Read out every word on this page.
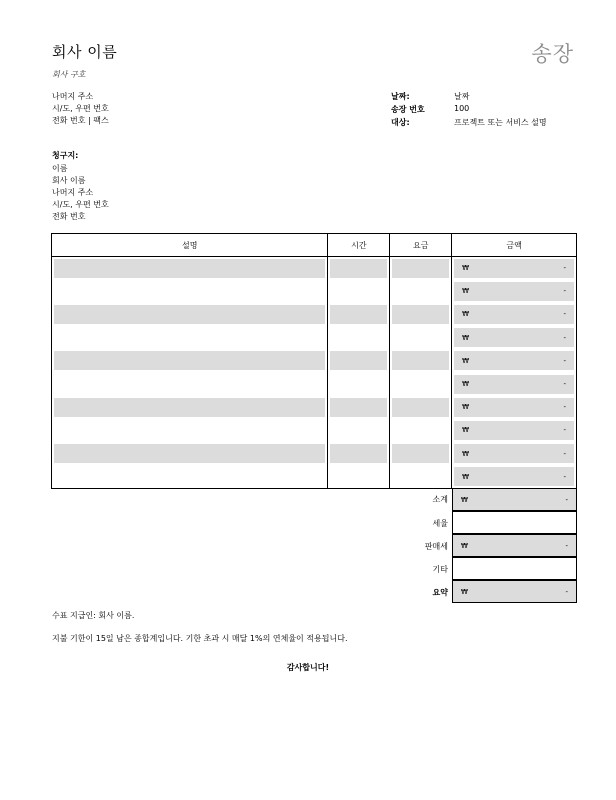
회사 이름
회사 구호
송장
나머지 주소
시/도, 우편 번호
전화 번호 | 팩스
날짜:	날짜
송장 번호	100
대상:	프로젝트 또는 서비스 설명
청구지:
이름
회사 이름
나머지 주소
시/도, 우편 번호
전화 번호
설명	시간	요금	금액

			₩ -

			₩ -

			₩ -

			₩ -

			₩ -

			₩ -

			₩ -

			₩ -

			₩ -

			₩ -
소계 ₩	-
세율
판매세 ₩	-
기타
요약 ₩	-
수표 지급인: 회사 이름.
지불 기한이 15일 남은 종합계입니다. 기한 초과 시 매달 1%의 연체율이 적용됩니다.
감사합니다!
